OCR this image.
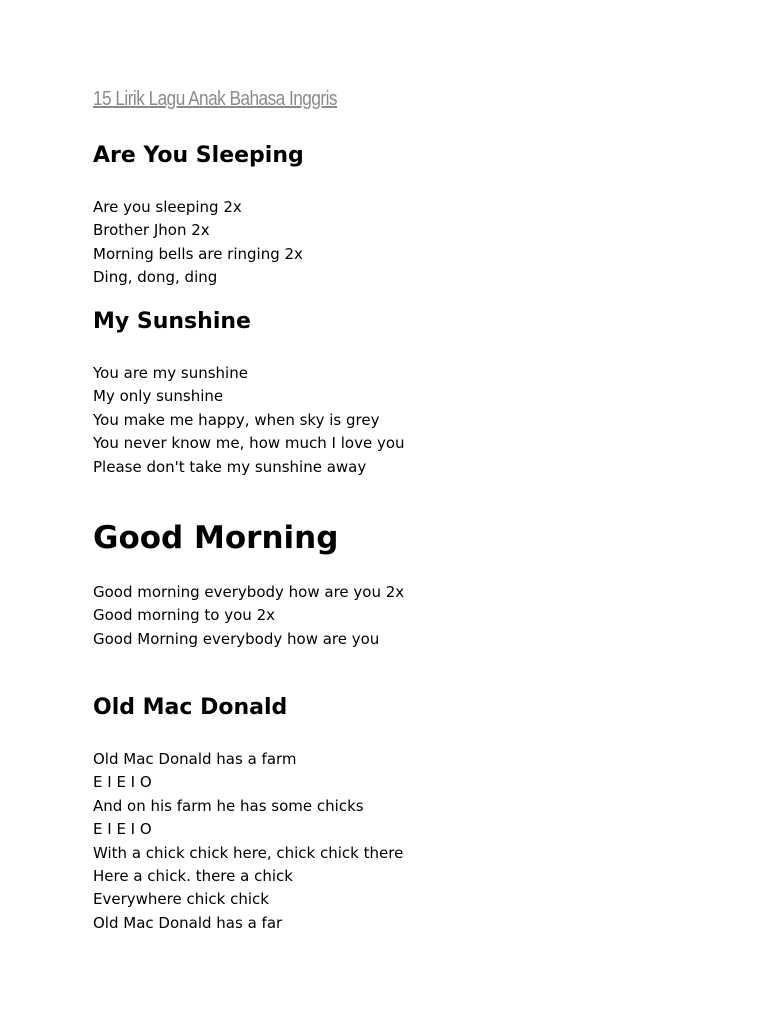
15 Lirik Lagu Anak Bahasa Inggris
Are You Sleeping
Are you sleeping 2x
Brother Jhon 2x
Morning bells are ringing 2x
Ding, dong, ding
My Sunshine
You are my sunshine
My only sunshine
You make me happy, when sky is grey
You never know me, how much I love you
Please don't take my sunshine away
Good Morning
Good morning everybody how are you 2x
Good morning to you 2x
Good Morning everybody how are you
Old Mac Donald
Old Mac Donald has a farm
E I E I O
And on his farm he has some chicks
E I E I O
With a chick chick here, chick chick there
Here a chick. there a chick
Everywhere chick chick
Old Mac Donald has a far
